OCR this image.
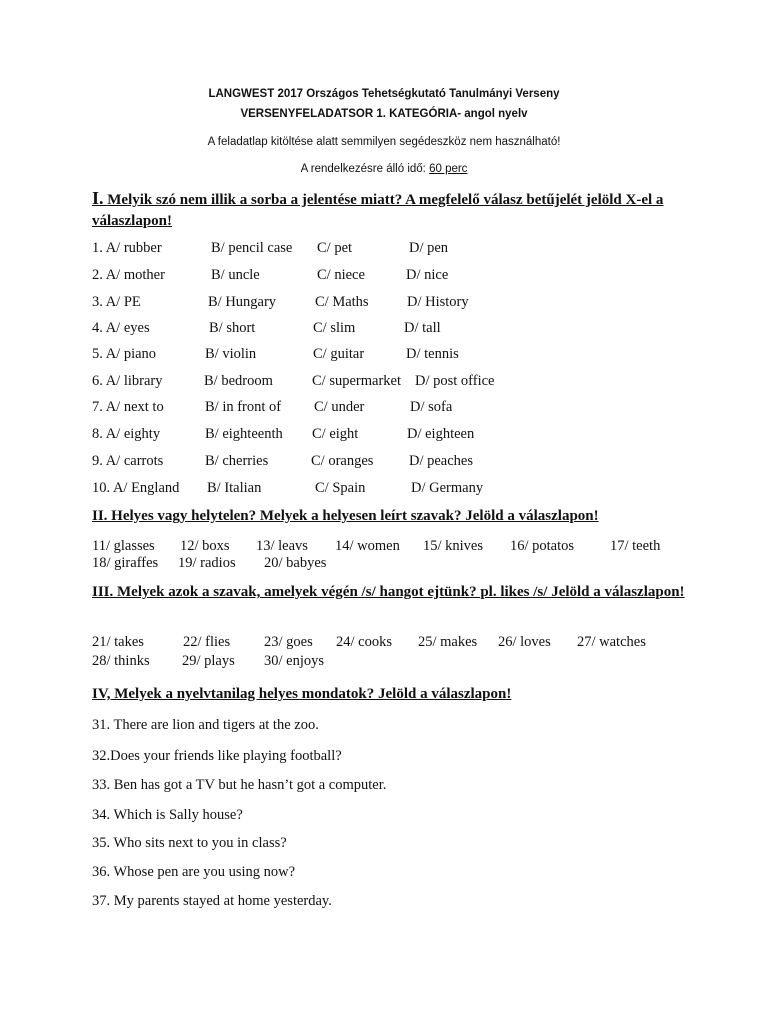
LANGWEST 2017 Országos Tehetségkutató Tanulmányi Verseny
VERSENYFELADATSOR 1. KATEGÓRIA- angol nyelv
A feladatlap kitöltése alatt semmilyen segédeszköz nem használható!
A rendelkezésre álló idő: 60 perc
I. Melyik szó nem illik a sorba a jelentése miatt? A megfelelő válasz betűjelét jelöld X-el a válaszlapon!
1. A/ rubber	B/ pencil case C/ pet	D/ pen
2. A/ mother	B/ uncle	C/ niece	D/ nice
3. A/ PE	B/ Hungary	C/ Maths	D/ History
4. A/ eyes	B/ short	C/ slim	D/ tall
5. A/ piano	B/ violin	C/ guitar	D/ tennis
6. A/ library	B/ bedroom	C/ supermarket D/ post office
7. A/ next to	B/ in front of C/ under	D/ sofa
8. A/ eighty	B/ eighteenth C/ eight	D/ eighteen
9. A/ carrots	B/ cherries	C/ oranges D/ peaches
10. A/ England B/ Italian	C/ Spain	D/ Germany
II. Helyes vagy helytelen? Melyek a helyesen leírt szavak? Jelöld a válaszlapon!
11/ glasses 12/ boxs 13/ leavs 14/ women 15/ knives 16/ potatos 17/ teeth
18/ giraffes 19/ radios 20/ babyes
III. Melyek azok a szavak, amelyek végén /s/ hangot ejtünk? pl. likes /s/ Jelöld a válaszlapon!
21/ takes	22/ flies 23/ goes 24/ cooks 25/ makes 26/ loves 27/ watches
28/ thinks 29/ plays 30/ enjoys
IV, Melyek a nyelvtanilag helyes mondatok? Jelöld a válaszlapon!
31. There are lion and tigers at the zoo.
32.Does your friends like playing football?
33. Ben has got a TV but he hasn’t got a computer.
34. Which is Sally house?
35. Who sits next to you in class?
36. Whose pen are you using now?
37. My parents stayed at home yesterday.
